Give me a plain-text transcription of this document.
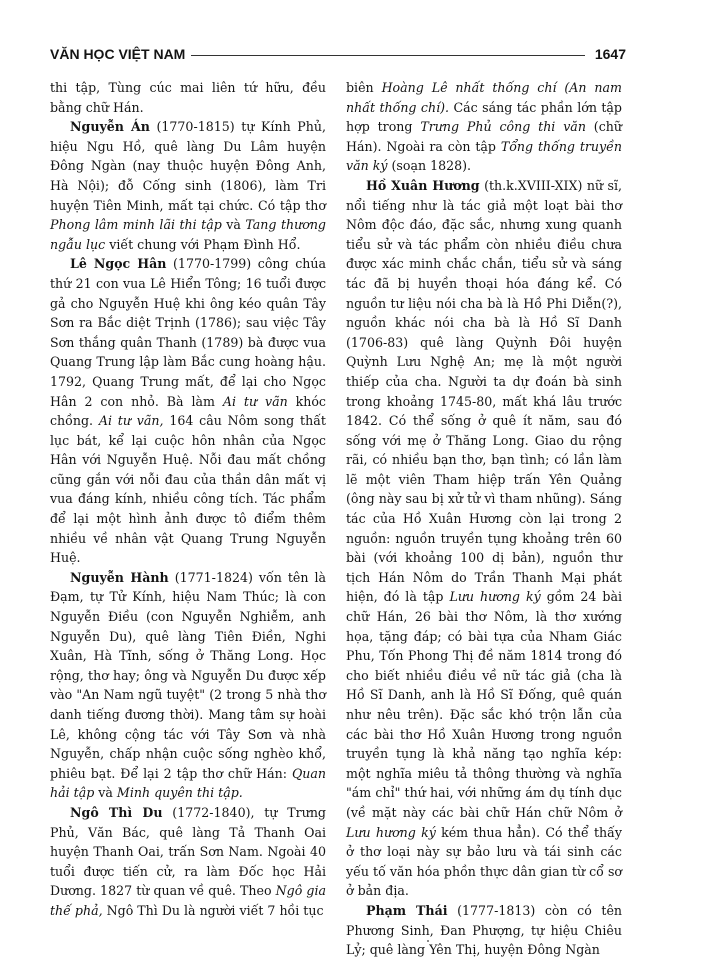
VĂN HỌC VIỆT NAM	1647

thi tập, Tùng cúc mai liên tứ hữu, đều bằng chữ Hán.

Nguyễn Án (1770-1815) tự Kính Phủ, hiệu Ngu Hồ, quê làng Du Lâm huyện Đông Ngàn (nay thuộc huyện Đông Anh, Hà Nội); đỗ Cống sinh (1806), làm Tri huyện Tiên Minh, mất tại chức. Có tập thơ Phong lâm minh lãi thi tập và Tang thương ngẫu lục viết chung với Phạm Đình Hổ.

Lê Ngọc Hân (1770-1799) công chúa thứ 21 con vua Lê Hiển Tông; 16 tuổi được gả cho Nguyễn Huệ khi ông kéo quân Tây Sơn ra Bắc diệt Trịnh (1786); sau việc Tây Sơn thắng quân Thanh (1789) bà được vua Quang Trung lập làm Bắc cung hoàng hậu. 1792, Quang Trung mất, để lại cho Ngọc Hân 2 con nhỏ. Bà làm Ai tư vãn khóc chồng. Ai tư vãn, 164 câu Nôm song thất lục bát, kể lại cuộc hôn nhân của Ngọc Hân với Nguyễn Huệ. Nỗi đau mất chồng cũng gắn với nỗi đau của thần dân mất vị vua đáng kính, nhiều công tích. Tác phẩm để lại một hình ảnh được tô điểm thêm nhiều về nhân vật Quang Trung Nguyễn Huệ.

Nguyễn Hành (1771-1824) vốn tên là Đạm, tự Tử Kính, hiệu Nam Thúc; là con Nguyễn Điều (con Nguyễn Nghiễm, anh Nguyễn Du), quê làng Tiên Điền, Nghi Xuân, Hà Tĩnh, sống ở Thăng Long. Học rộng, thơ hay; ông và Nguyễn Du được xếp vào "An Nam ngũ tuyệt" (2 trong 5 nhà thơ danh tiếng đương thời). Mang tâm sự hoài Lê, không cộng tác với Tây Sơn và nhà Nguyễn, chấp nhận cuộc sống nghèo khổ, phiêu bạt. Để lại 2 tập thơ chữ Hán: Quan hải tập và Minh quyên thi tập.

Ngô Thì Du (1772-1840), tự Trưng Phủ, Văn Bác, quê làng Tả Thanh Oai huyện Thanh Oai, trấn Sơn Nam. Ngoài 40 tuổi được tiến cử, ra làm Đốc học Hải Dương. 1827 từ quan về quê. Theo Ngô gia thế phả, Ngô Thì Du là người viết 7 hồi tục

biên Hoàng Lê nhất thống chí (An nam nhất thống chí). Các sáng tác phần lớn tập hợp trong Trưng Phủ công thi văn (chữ Hán). Ngoài ra còn tập Tổng thống truyền văn ký (soạn 1828).

Hồ Xuân Hương (th.k.XVIII-XIX) nữ sĩ, nổi tiếng như là tác giả một loạt bài thơ Nôm độc đáo, đặc sắc, nhưng xung quanh tiểu sử và tác phẩm còn nhiều điều chưa được xác minh chắc chắn, tiểu sử và sáng tác đã bị huyền thoại hóa đáng kể. Có nguồn tư liệu nói cha bà là Hồ Phi Diễn(?), nguồn khác nói cha bà là Hồ Sĩ Danh (1706-83) quê làng Quỳnh Đôi huyện Quỳnh Lưu Nghệ An; mẹ là một người thiếp của cha. Người ta dự đoán bà sinh trong khoảng 1745-80, mất khá lâu trước 1842. Có thể sống ở quê ít năm, sau đó sống với mẹ ở Thăng Long. Giao du rộng rãi, có nhiều bạn thơ, bạn tình; có lần làm lẽ một viên Tham hiệp trấn Yên Quảng (ông này sau bị xử tử vì tham nhũng). Sáng tác của Hồ Xuân Hương còn lại trong 2 nguồn: nguồn truyền tụng khoảng trên 60 bài (với khoảng 100 dị bản), nguồn thư tịch Hán Nôm do Trần Thanh Mại phát hiện, đó là tập Lưu hương ký gồm 24 bài chữ Hán, 26 bài thơ Nôm, là thơ xướng họa, tặng đáp; có bài tựa của Nham Giác Phu, Tốn Phong Thị đề năm 1814 trong đó cho biết nhiều điều về nữ tác giả (cha là Hồ Sĩ Danh, anh là Hồ Sĩ Đống, quê quán như nêu trên). Đặc sắc khó trộn lẫn của các bài thơ Hồ Xuân Hương trong nguồn truyền tụng là khả năng tạo nghĩa kép: một nghĩa miêu tả thông thường và nghĩa "ám chỉ" thứ hai, với những ám dụ tính dục (về mặt này các bài chữ Hán chữ Nôm ở Lưu hương ký kém thua hẳn). Có thể thấy ở thơ loại này sự bảo lưu và tái sinh các yếu tố văn hóa phồn thực dân gian từ cổ sơ ở bản địa.

Phạm Thái (1777-1813) còn có tên Phương Sinh, Đan Phượng, tự hiệu Chiêu Lỷ; quê làng Yên Thị, huyện Đông Ngàn
